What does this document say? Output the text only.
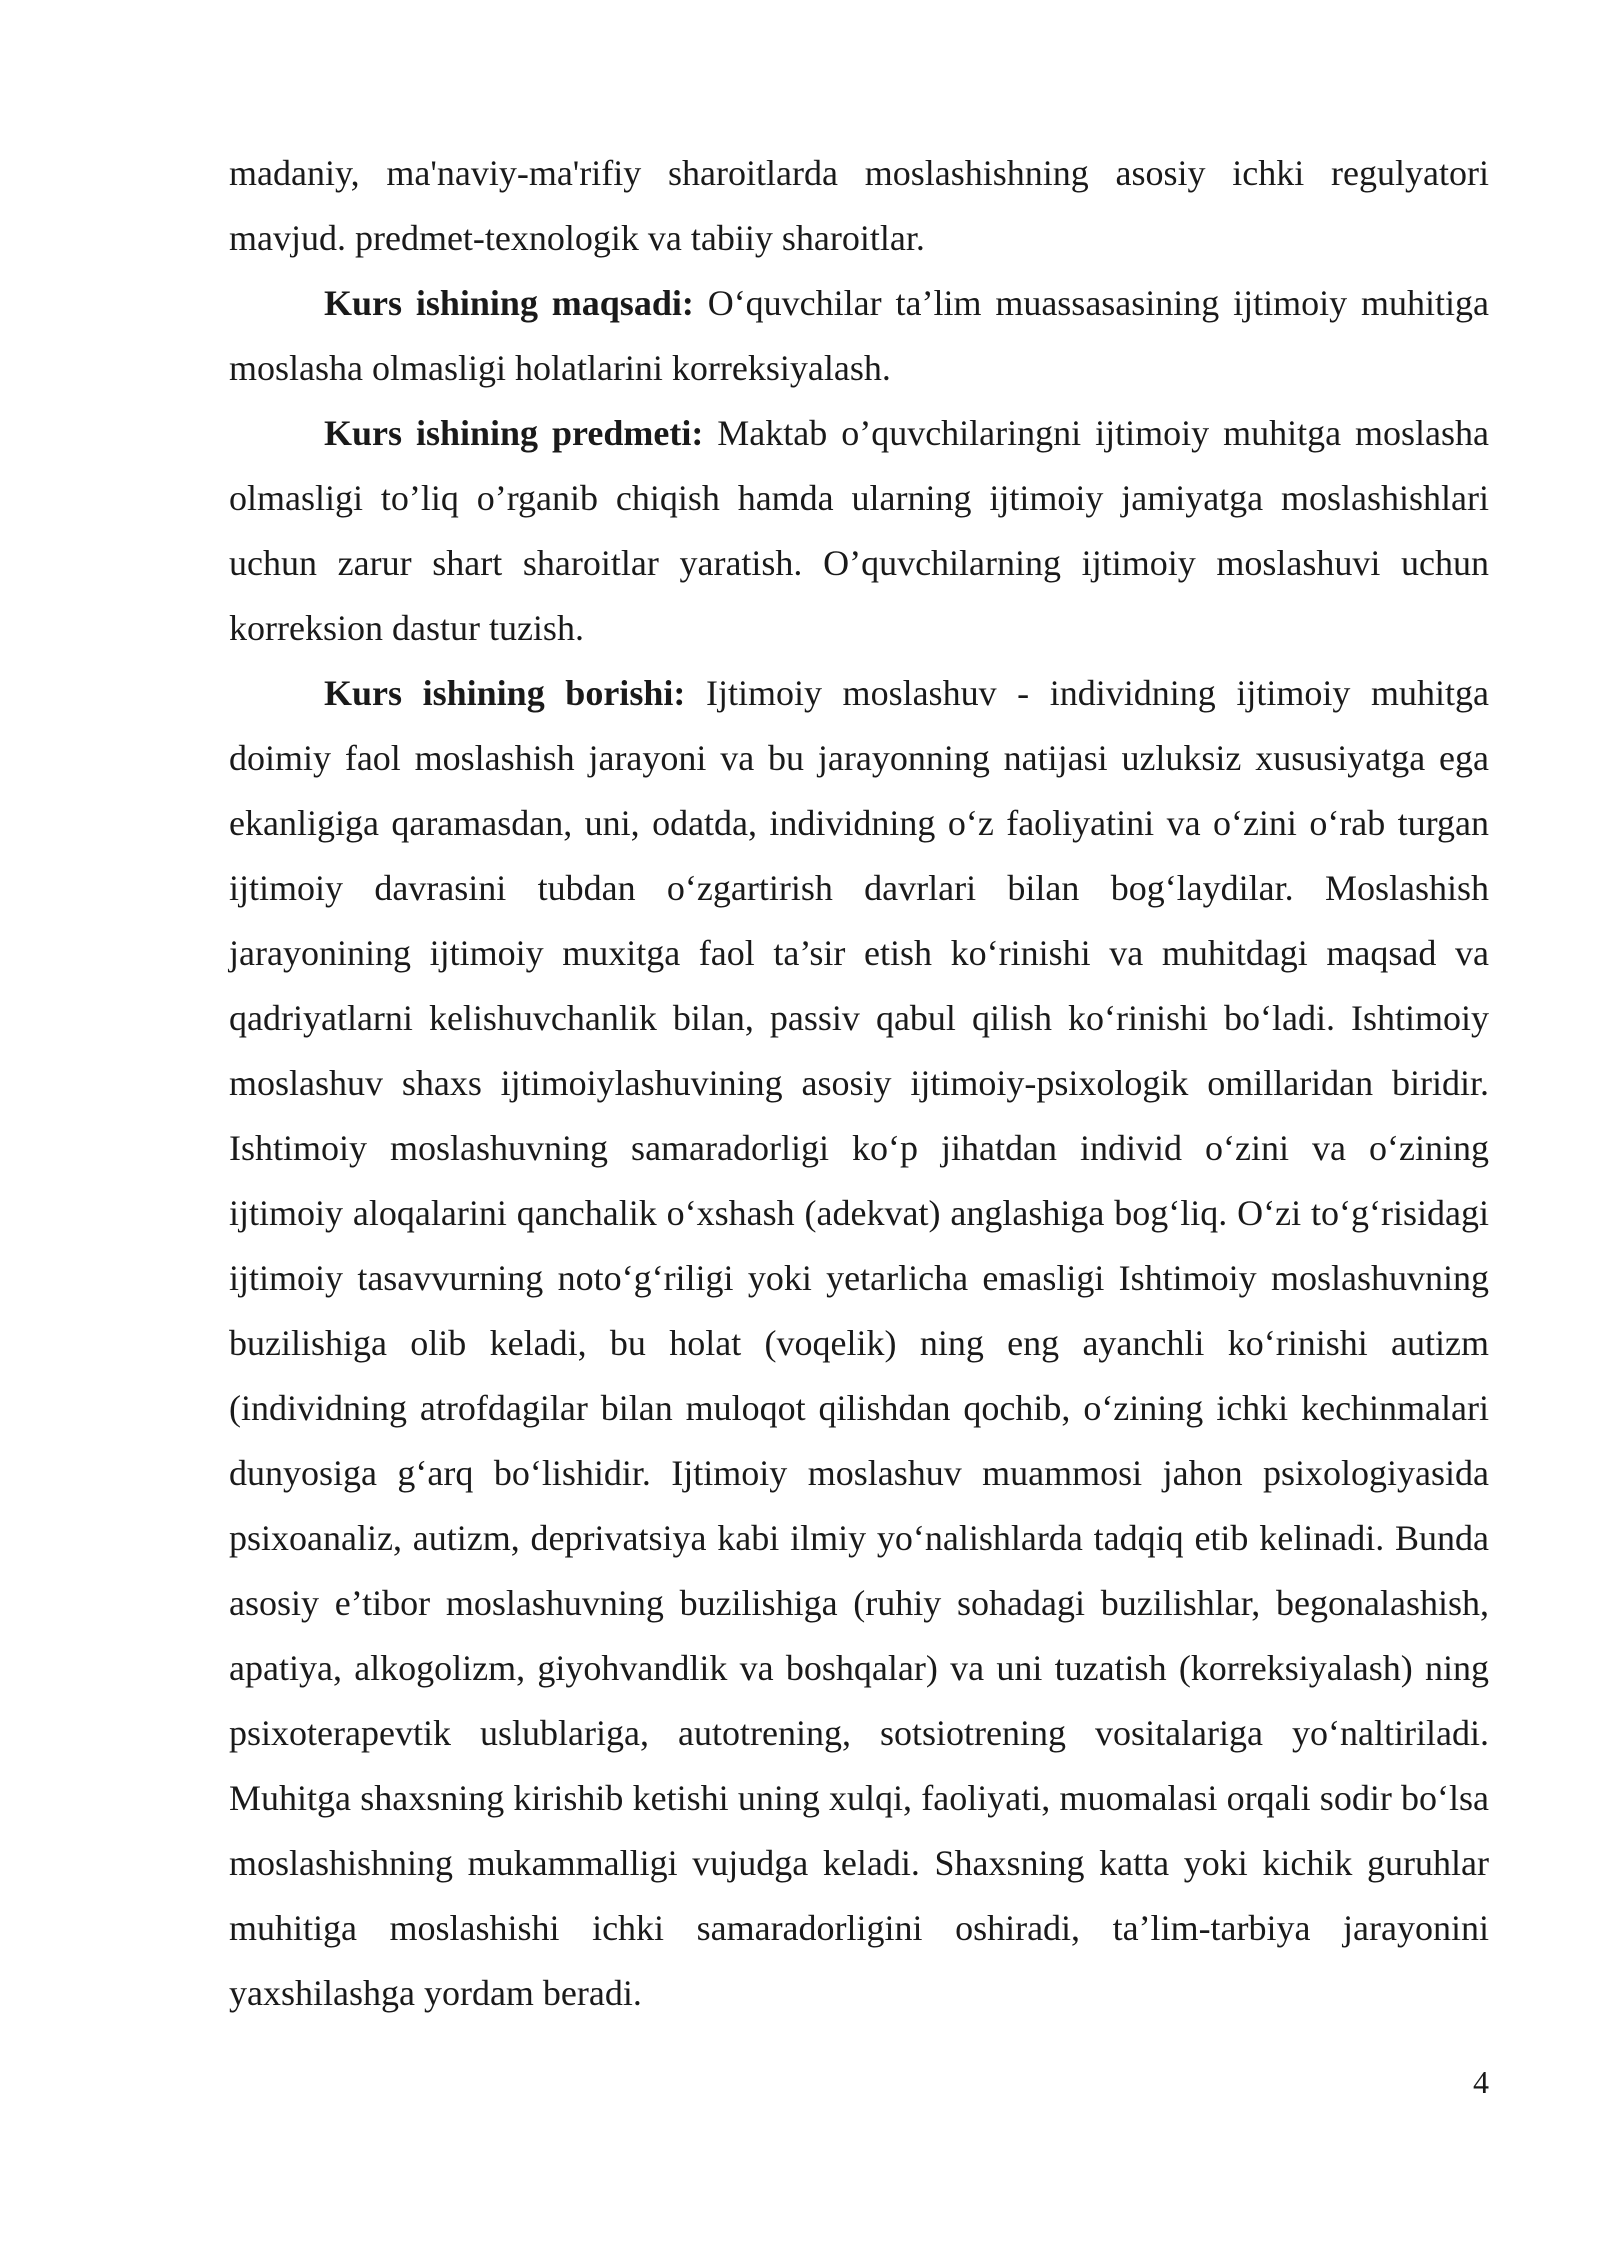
madaniy, ma'naviy-ma'rifiy sharoitlarda moslashishning asosiy ichki regulyatori mavjud. predmet-texnologik va tabiiy sharoitlar.

Kurs ishining maqsadi: O‘quvchilar ta’lim muassasasining ijtimoiy muhitiga moslasha olmasligi holatlarini korreksiyalash.

Kurs ishining predmeti: Maktab o’quvchilaringni ijtimoiy muhitga moslasha olmasligi to’liq o’rganib chiqish hamda ularning ijtimoiy jamiyatga moslashishlari uchun zarur shart sharoitlar yaratish. O’quvchilarning ijtimoiy moslashuvi uchun korreksion dastur tuzish.

Kurs ishining borishi: Ijtimoiy moslashuv - individning ijtimoiy muhitga doimiy faol moslashish jarayoni va bu jarayonning natijasi uzluksiz xususiyatga ega ekanligiga qaramasdan, uni, odatda, individning o‘z faoliyatini va o‘zini o‘rab turgan ijtimoiy davrasini tubdan o‘zgartirish davrlari bilan bog‘laydilar. Moslashish jarayonining ijtimoiy muxitga faol ta’sir etish ko‘rinishi va muhitdagi maqsad va qadriyatlarni kelishuvchanlik bilan, passiv qabul qilish ko‘rinishi bo‘ladi. Ishtimoiy moslashuv shaxs ijtimoiylashuvining asosiy ijtimoiy-psixologik omillaridan biridir. Ishtimoiy moslashuvning samaradorligi ko‘p jihatdan individ o‘zini va o‘zining ijtimoiy aloqalarini qanchalik o‘xshash (adekvat) anglashiga bog‘liq. O‘zi to‘g‘risidagi ijtimoiy tasavvurning noto‘g‘riligi yoki yetarlicha emasligi Ishtimoiy moslashuvning buzilishiga olib keladi, bu holat (voqelik) ning eng ayanchli ko‘rinishi autizm (individning atrofdagilar bilan muloqot qilishdan qochib, o‘zining ichki kechinmalari dunyosiga g‘arq bo‘lishidir. Ijtimoiy moslashuv muammosi jahon psixologiyasida psixoanaliz, autizm, deprivatsiya kabi ilmiy yo‘nalishlarda tadqiq etib kelinadi. Bunda asosiy e’tibor moslashuvning buzilishiga (ruhiy sohadagi buzilishlar, begonalashish, apatiya, alkogolizm, giyohvandlik va boshqalar) va uni tuzatish (korreksiyalash) ning psixoterapevtik uslublariga, autotrening, sotsiotrening vositalariga yo‘naltiriladi. Muhitga shaxsning kirishib ketishi uning xulqi, faoliyati, muomalasi orqali sodir bo‘lsa moslashishning mukammalligi vujudga keladi. Shaxsning katta yoki kichik guruhlar muhitiga moslashishi ichki samaradorligini oshiradi, ta’lim-tarbiya jarayonini yaxshilashga yordam beradi.

4
